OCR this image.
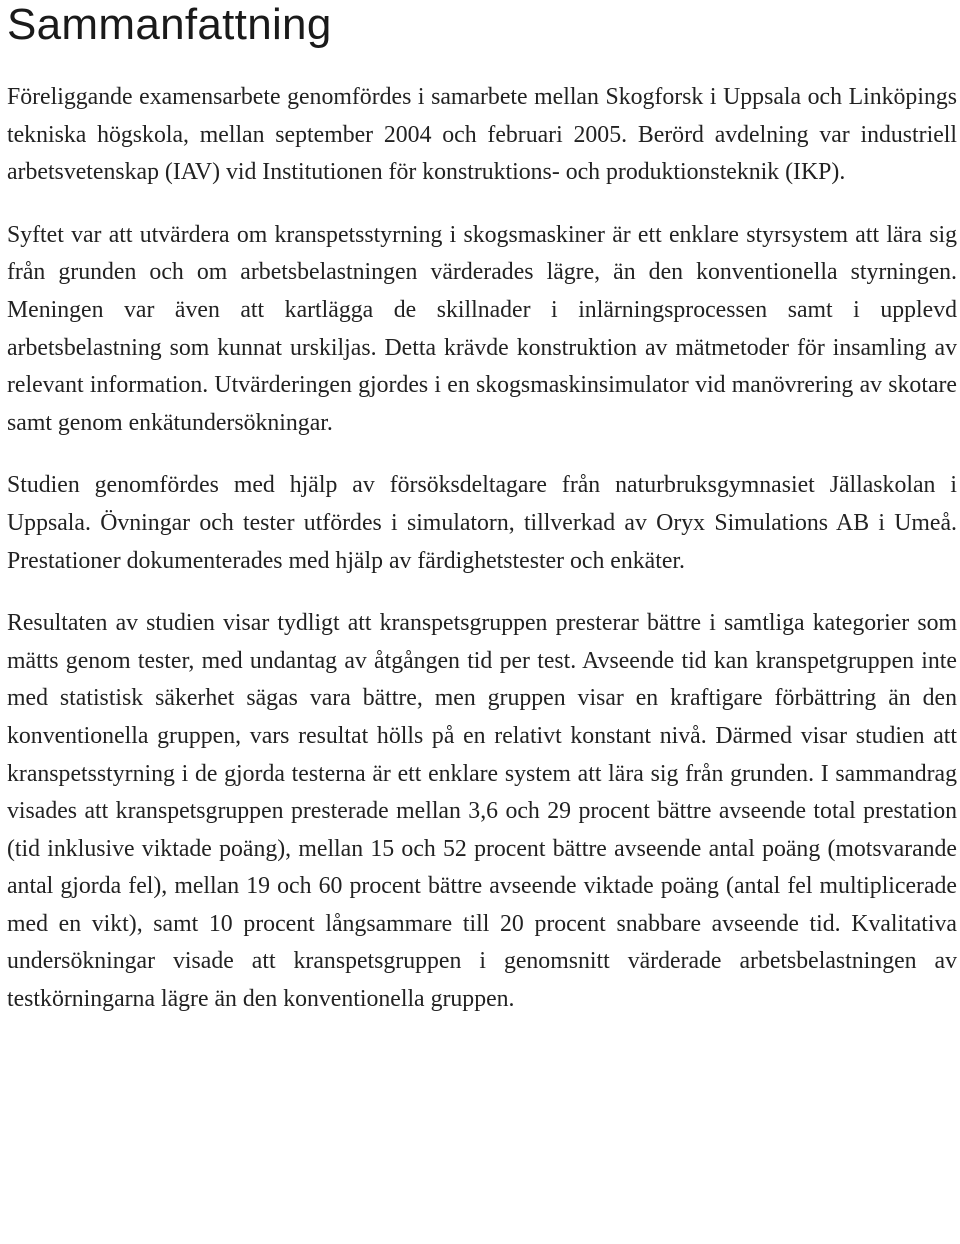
Sammanfattning

Föreliggande examensarbete genomfördes i samarbete mellan Skogforsk i Uppsala och Linköpings tekniska högskola, mellan september 2004 och februari 2005. Berörd avdelning var industriell arbetsvetenskap (IAV) vid Institutionen för konstruktions- och produktionsteknik (IKP).

Syftet var att utvärdera om kranspetsstyrning i skogsmaskiner är ett enklare styrsystem att lära sig från grunden och om arbetsbelastningen värderades lägre, än den konventionella styrningen. Meningen var även att kartlägga de skillnader i inlärningsprocessen samt i upplevd arbetsbelastning som kunnat urskiljas. Detta krävde konstruktion av mätmetoder för insamling av relevant information. Utvärderingen gjordes i en skogsmaskinsimulator vid manövrering av skotare samt genom enkätundersökningar.

Studien genomfördes med hjälp av försöksdeltagare från naturbruksgymnasiet Jällaskolan i Uppsala. Övningar och tester utfördes i simulatorn, tillverkad av Oryx Simulations AB i Umeå. Prestationer dokumenterades med hjälp av färdighetstester och enkäter.

Resultaten av studien visar tydligt att kranspetsgruppen presterar bättre i samtliga kategorier som mätts genom tester, med undantag av åtgången tid per test. Avseende tid kan kranspetgruppen inte med statistisk säkerhet sägas vara bättre, men gruppen visar en kraftigare förbättring än den konventionella gruppen, vars resultat hölls på en relativt konstant nivå. Därmed visar studien att kranspetsstyrning i de gjorda testerna är ett enklare system att lära sig från grunden. I sammandrag visades att kranspetsgruppen presterade mellan 3,6 och 29 procent bättre avseende total prestation (tid inklusive viktade poäng), mellan 15 och 52 procent bättre avseende antal poäng (motsvarande antal gjorda fel), mellan 19 och 60 procent bättre avseende viktade poäng (antal fel multiplicerade med en vikt), samt 10 procent långsammare till 20 procent snabbare avseende tid. Kvalitativa undersökningar visade att kranspetsgruppen i genomsnitt värderade arbetsbelastningen av testkörningarna lägre än den konventionella gruppen.
